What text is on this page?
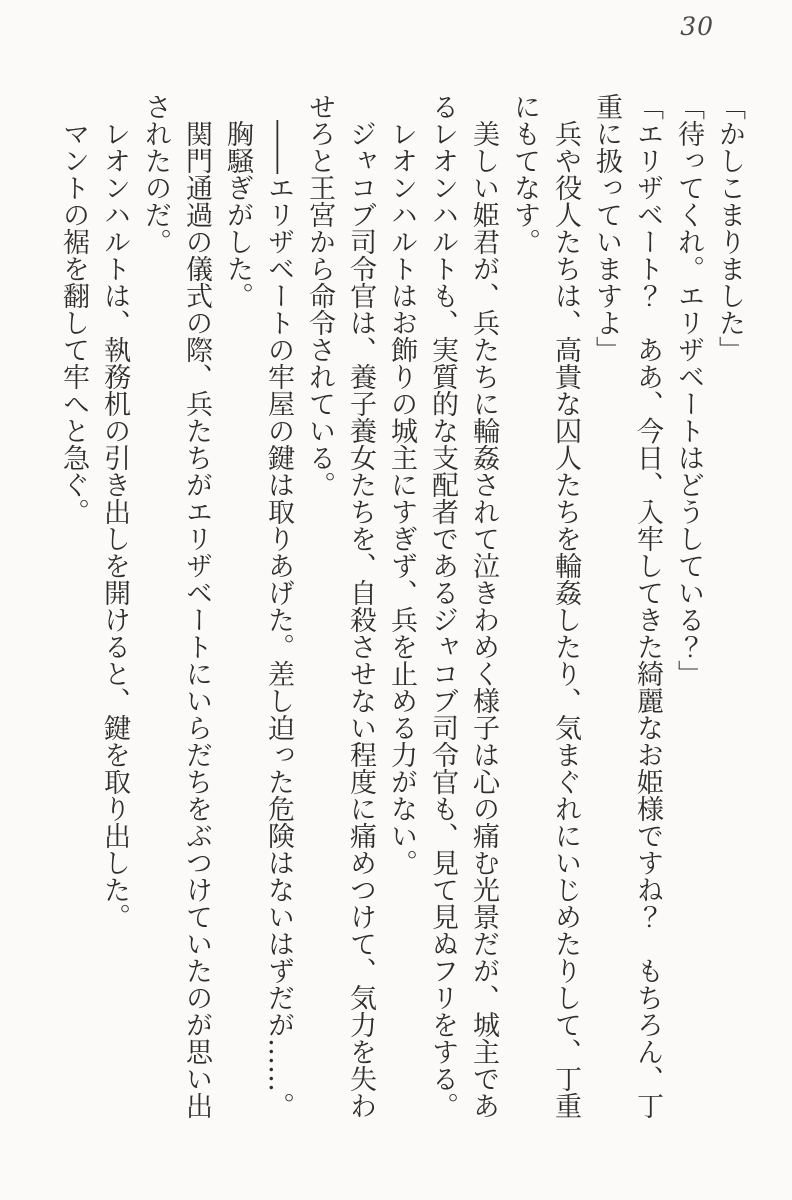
30
「かしこまりました」
「待ってくれ。エリザベートはどうしている？」
「エリザベート？　ああ、今日、入牢してきた綺麗なお姫様ですね？　もちろん、丁
重に扱っていますよ」
　兵や役人たちは、高貴な囚人たちを輪姦したり、気まぐれにいじめたりして、丁重
にもてなす。
　美しい姫君が、兵たちに輪姦されて泣きわめく様子は心の痛む光景だが、城主であ
るレオンハルトも、実質的な支配者であるジャコブ司令官も、見て見ぬフリをする。
　レオンハルトはお飾りの城主にすぎず、兵を止める力がない。
　ジャコブ司令官は、養子養女たちを、自殺させない程度に痛めつけて、気力を失わ
せろと王宮から命令されている。
　――エリザベートの牢屋の鍵は取りあげた。差し迫った危険はないはずだが……。
　胸騒ぎがした。
　関門通過の儀式の際、兵たちがエリザベートにいらだちをぶつけていたのが思い出
されたのだ。
　レオンハルトは、執務机の引き出しを開けると、鍵を取り出した。
　マントの裾を翻して牢へと急ぐ。
